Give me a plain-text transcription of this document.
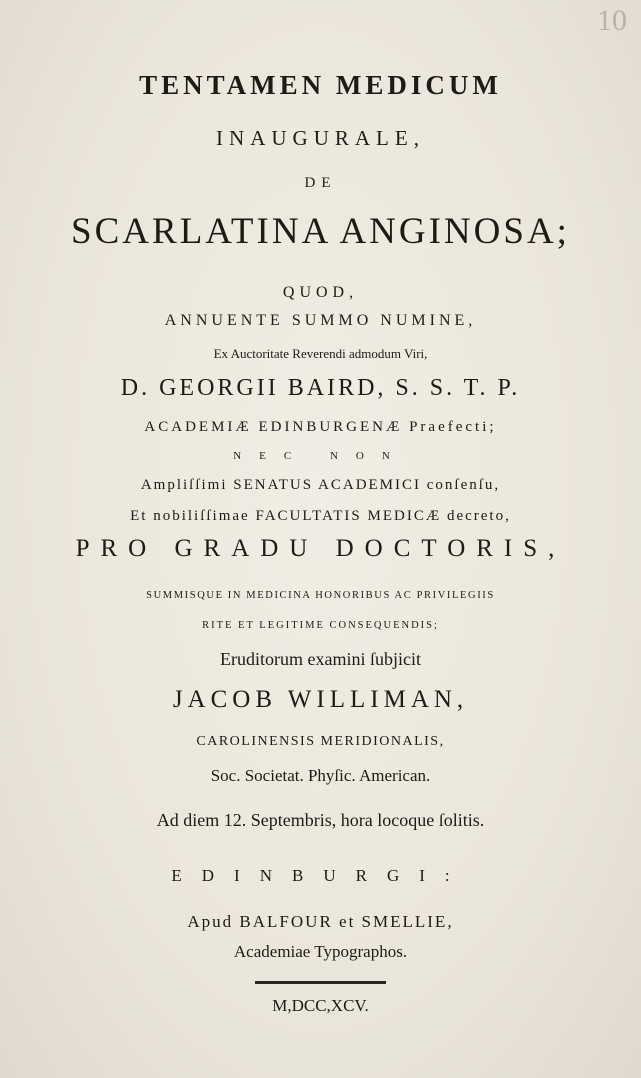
10
TENTAMEN MEDICUM
INAUGURALE,
DE
SCARLATINA ANGINOSA;
QUOD,
ANNUENTE SUMMO NUMINE,
Ex Auctoritate Reverendi admodum Viri,
D. GEORGII BAIRD, S. S. T. P.
ACADEMIÆ EDINBURGENÆ Praefecti;
NEC NON
Ampliſſimi SENATUS ACADEMICI conſenſu,
Et nobiliſſimae FACULTATIS MEDICÆ decreto,
PRO GRADU DOCTORIS,
SUMMISQUE IN MEDICINA HONORIBUS AC PRIVILEGIIS
RITE ET LEGITIME CONSEQUENDIS;
Eruditorum examini ſubjicit
JACOB WILLIMAN,
CAROLINENSIS MERIDIONALIS,
Soc. Societat. Phyſic. American.
Ad diem 12. Septembris, hora locoque ſolitis.
EDINBURGI:
Apud BALFOUR et SMELLIE,
Academiae Typographos.
M,DCC,XCV.
